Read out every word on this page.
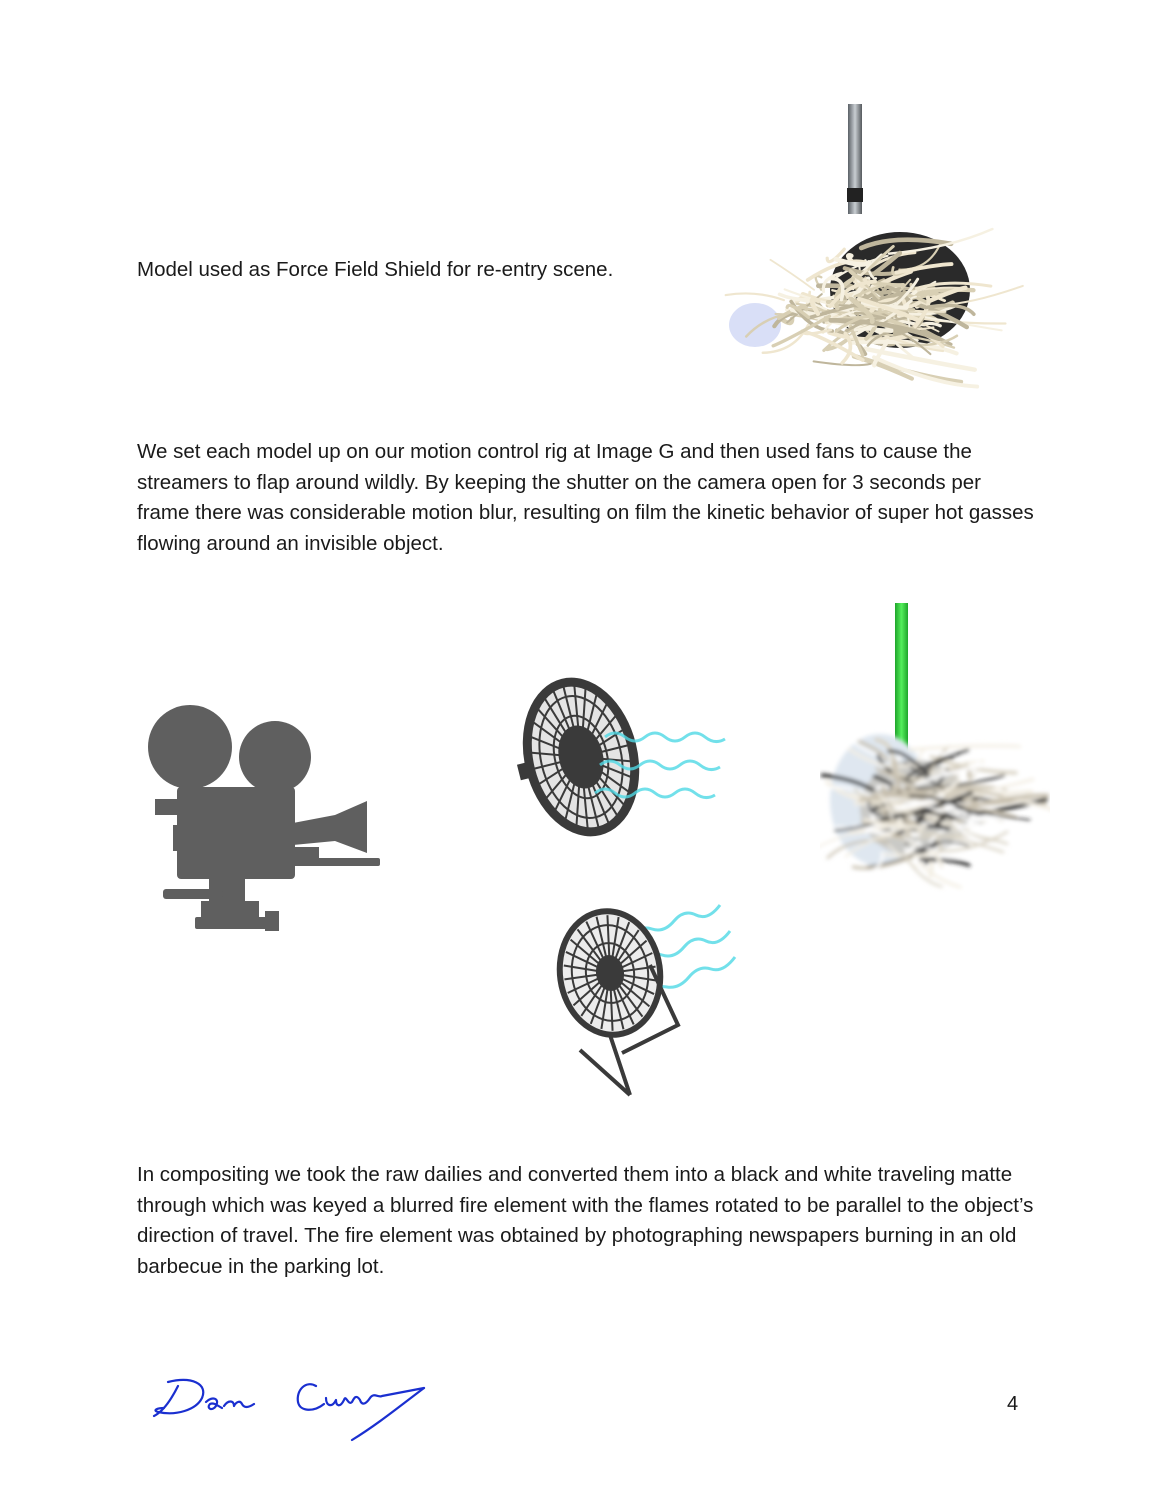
Model used as Force Field Shield for re-entry scene.

We set each model up on our motion control rig at Image G and then used fans to cause the streamers to flap around wildly. By keeping the shutter on the camera open for 3 seconds per frame there was considerable motion blur, resulting on film the kinetic behavior of super hot gasses flowing around an invisible object.

In compositing we took the raw dailies and converted them into a black and white traveling matte through which was keyed a blurred fire element with the flames rotated to be parallel to the object’s direction of travel. The fire element was obtained by photographing newspapers burning in an old barbecue in the parking lot.

4
